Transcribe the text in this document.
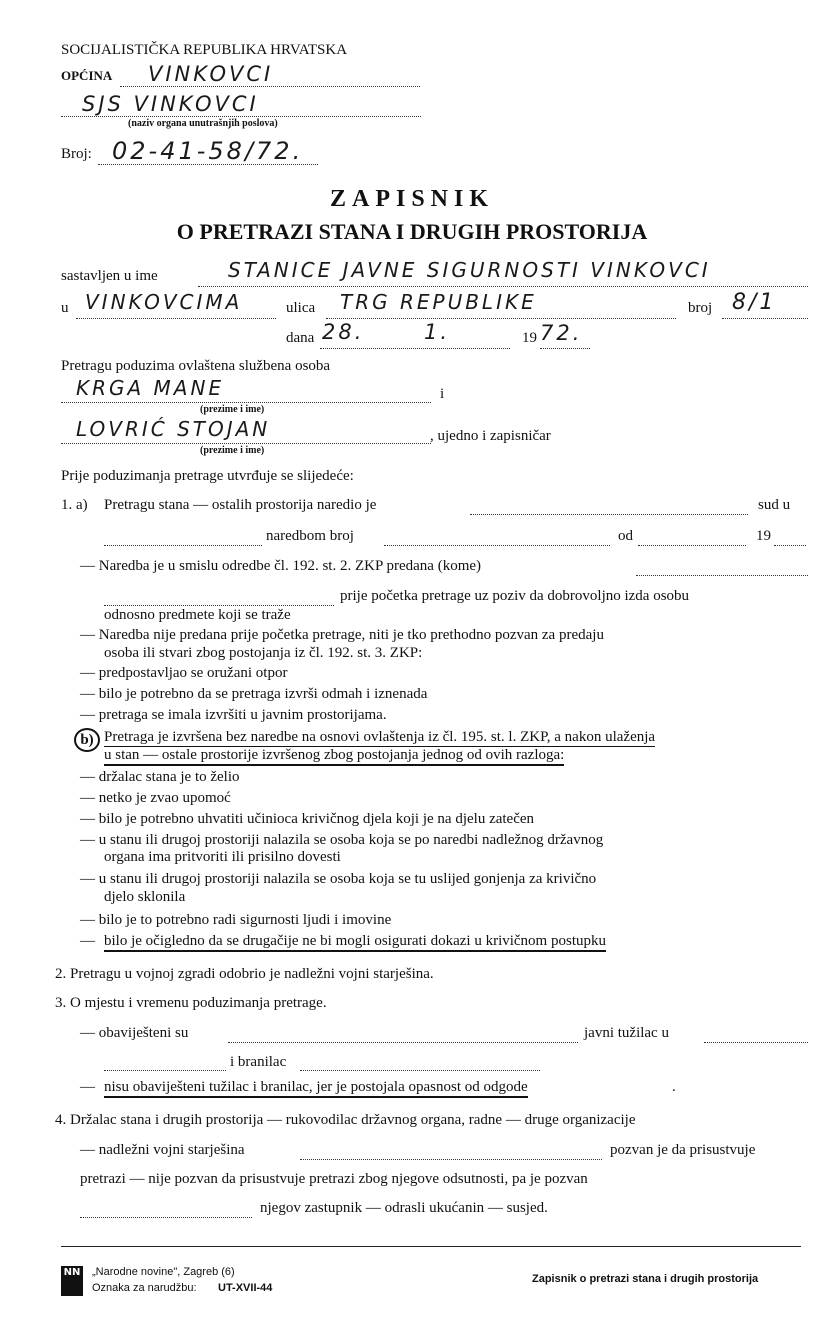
SOCIJALISTIČKA REPUBLIKA HRVATSKA
OPĆINA VINKOVCI
SJS VINKOVCI
(naziv organa unutrašnjih poslova)
Broj: 02-41-58/72.
ZAPISNIK
O PRETRAZI STANA I DRUGIH PROSTORIJA
sastavljen u ime	STANICE JAVNE SIGURNOSTI VINKOVCI
u VINKOVCIMA	ulica TRG REPUBLIKE	broj 8/1
dana 28.	1.	19 72.
Pretragu poduzima ovlaštena službena osoba
KRGA MANE	i
(prezime i ime)
LOVRIĆ STOJAN	, ujedno i zapisničar
(prezime i ime)
Prije poduzimanja pretrage utvrđuje se slijedeće:
1. a) Pretragu stana — ostalih prostorija naredio je	sud u
naredbom broj	od	19
— Naredba je u smislu odredbe čl. 192. st. 2. ZKP predana (kome)
prije početka pretrage uz poziv da dobrovoljno izda osobu
odnosno predmete koji se traže
— Naredba nije predana prije početka pretrage, niti je tko prethodno pozvan za predaju
osoba ili stvari zbog postojanja iz čl. 192. st. 3. ZKP:
— predpostavljao se oružani otpor
— bilo je potrebno da se pretraga izvrši odmah i iznenada
— pretraga se imala izvršiti u javnim prostorijama.
b) Pretraga je izvršena bez naredbe na osnovi ovlaštenja iz čl. 195. st. l. ZKP, a nakon ulaženja
u stan — ostale prostorije izvršenog zbog postojanja jednog od ovih razloga:
— držalac stana je to želio
— netko je zvao upomoć
— bilo je potrebno uhvatiti učinioca krivičnog djela koji je na djelu zatečen
— u stanu ili drugoj prostoriji nalazila se osoba koja se po naredbi nadležnog državnog
organa ima pritvoriti ili prisilno dovesti
— u stanu ili drugoj prostoriji nalazila se osoba koja se tu uslijed gonjenja za krivično
djelo sklonila
— bilo je to potrebno radi sigurnosti ljudi i imovine
— bilo je očigledno da se drugačije ne bi mogli osigurati dokazi u krivičnom postupku
2. Pretragu u vojnoj zgradi odobrio je nadležni vojni starješina.
3. O mjestu i vremenu poduzimanja pretrage.
— obaviješteni su	javni tužilac u
i branilac
— nisu obaviješteni tužilac i branilac, jer je postojala opasnost od odgode	.
4. Držalac stana i drugih prostorija — rukovodilac državnog organa, radne — druge organizacije
— nadležni vojni starješina	pozvan je da prisustvuje
pretrazi — nije pozvan da prisustvuje pretrazi zbog njegove odsutnosti, pa je pozvan
njegov zastupnik — odrasli ukućanin — susjed.
NN „Narodne novine", Zagreb (6)
Oznaka za narudžbu: UT-XVII-44
Zapisnik o pretrazi stana i drugih prostorija
